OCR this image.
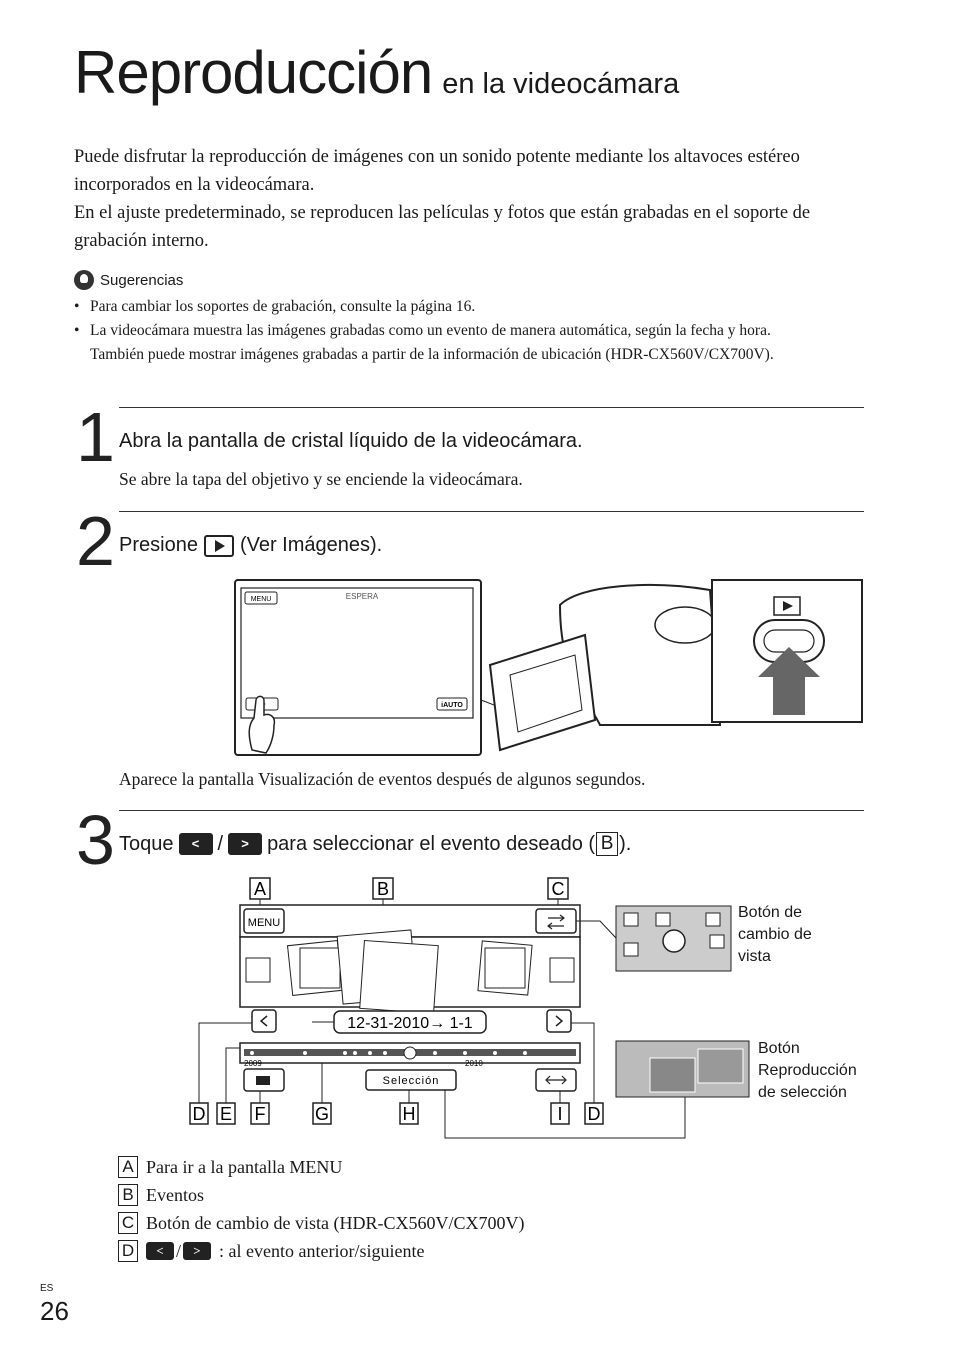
Reproducción en la videocámara
Puede disfrutar la reproducción de imágenes con un sonido potente mediante los altavoces estéreo incorporados en la videocámara.
En el ajuste predeterminado, se reproducen las películas y fotos que están grabadas en el soporte de grabación interno.
Sugerencias
• Para cambiar los soportes de grabación, consulte la página 16.
• La videocámara muestra las imágenes grabadas como un evento de manera automática, según la fecha y hora. También puede mostrar imágenes grabadas a partir de la información de ubicación (HDR-CX560V/CX700V).
1 Abra la pantalla de cristal líquido de la videocámara.
Se abre la tapa del objetivo y se enciende la videocámara.
2 Presione (Ver Imágenes).
MENU	ESPERA
iAUTO
Aparece la pantalla Visualización de eventos después de algunos segundos.
3 Toque	< /	> para seleccionar el evento deseado ( B ).
A	B	C
MENU
12-31-2010→ 1-1
2009	2010
Selección
D E F	G	H	I D
Botón de
cambio de
vista
Botón
Reproducción
de selección
A Para ir a la pantalla MENU
B Eventos
C Botón de cambio de vista (HDR-CX560V/CX700V)
D	< / >	: al evento anterior/siguiente
ES
26
